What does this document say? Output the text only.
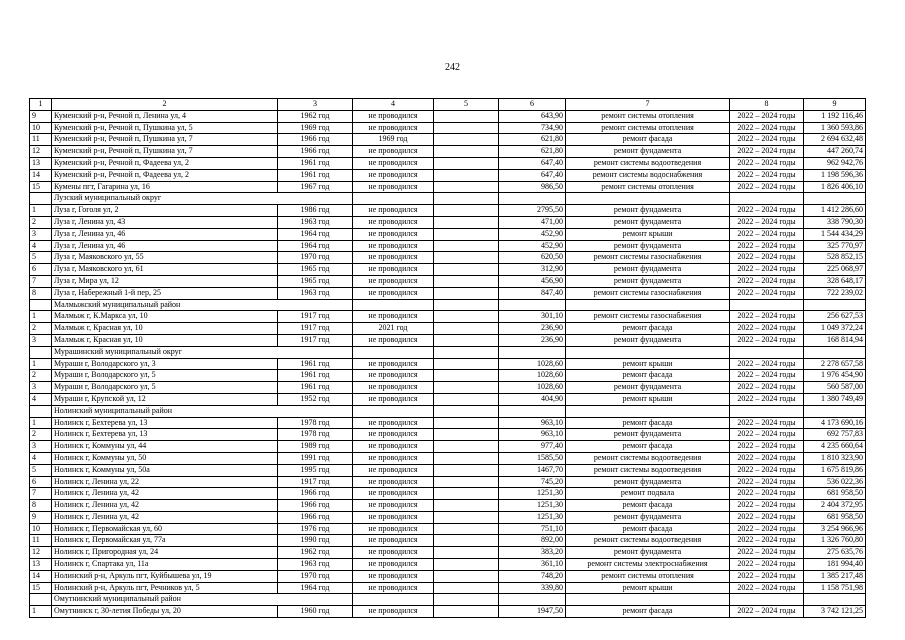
242
1	2	3	4	5	6	7	8	9
9	Куменский р-н, Речной п, Ленина ул, 4	1962 год	не проводился		643,90	ремонт системы отопления	2022 – 2024 годы	1 192 116,46
10	Куменский р-н, Речной п, Пушкина ул, 5	1969 год	не проводился		734,90	ремонт системы отопления	2022 – 2024 годы	1 360 593,86
11	Куменский р-н, Речной п, Пушкина ул, 7	1966 год	1969 год		621,80	ремонт фасада	2022 – 2024 годы	2 694 632,48
12	Куменский р-н, Речной п, Пушкина ул, 7	1966 год	не проводился		621,80	ремонт фундамента	2022 – 2024 годы	447 260,74
13	Куменский р-н, Речной п, Фадеева ул, 2	1961 год	не проводился		647,40	ремонт системы водоотведения	2022 – 2024 годы	962 942,76
14	Куменский р-н, Речной п, Фадеева ул, 2	1961 год	не проводился		647,40	ремонт системы водоснабжения	2022 – 2024 годы	1 198 596,36
15	Кумены пгт, Гагарина ул, 16	1967 год	не проводился		986,50	ремонт системы отопления	2022 – 2024 годы	1 826 406,10
	Лузский муниципальный округ							
1	Луза г, Гоголя ул, 2	1986 год	не проводился		2795,50	ремонт фундамента	2022 – 2024 годы	1 412 286,60
2	Луза г, Ленина ул, 43	1963 год	не проводился		471,00	ремонт фундамента	2022 – 2024 годы	338 790,30
3	Луза г, Ленина ул, 46	1964 год	не проводился		452,90	ремонт крыши	2022 – 2024 годы	1 544 434,29
4	Луза г, Ленина ул, 46	1964 год	не проводился		452,90	ремонт фундамента	2022 – 2024 годы	325 770,97
5	Луза г, Маяковского ул, 55	1970 год	не проводился		620,50	ремонт системы газоснабжения	2022 – 2024 годы	528 852,15
6	Луза г, Маяковского ул, 61	1965 год	не проводился		312,90	ремонт фундамента	2022 – 2024 годы	225 068,97
7	Луза г, Мира ул, 12	1965 год	не проводился		456,90	ремонт фундамента	2022 – 2024 годы	328 648,17
8	Луза г, Набережный 1-й пер, 25	1963 год	не проводился		847,40	ремонт системы газоснабжения	2022 – 2024 годы	722 239,02
	Малмыжский муниципальный район							
1	Малмыж г, К.Маркса ул, 10	1917 год	не проводился		301,10	ремонт системы газоснабжения	2022 – 2024 годы	256 627,53
2	Малмыж г, Красная ул, 10	1917 год	2021 год		236,90	ремонт фасада	2022 – 2024 годы	1 049 372,24
3	Малмыж г, Красная ул, 10	1917 год	не проводился		236,90	ремонт фундамента	2022 – 2024 годы	168 814,94
	Мурашинский муниципальный округ							
1	Мураши г, Володарского ул, 3	1961 год	не проводился		1028,60	ремонт крыши	2022 – 2024 годы	2 278 657,58
2	Мураши г, Володарского ул, 5	1961 год	не проводился		1028,60	ремонт фасада	2022 – 2024 годы	1 976 454,90
3	Мураши г, Володарского ул, 5	1961 год	не проводился		1028,60	ремонт фундамента	2022 – 2024 годы	560 587,00
4	Мураши г, Крупской ул, 12	1952 год	не проводился		404,90	ремонт крыши	2022 – 2024 годы	1 380 749,49
	Нолинский муниципальный район							
1	Нолинск г, Бехтерева ул, 13	1978 год	не проводился		963,10	ремонт фасада	2022 – 2024 годы	4 173 690,16
2	Нолинск г, Бехтерева ул, 13	1978 год	не проводился		963,10	ремонт фундамента	2022 – 2024 годы	692 757,83
3	Нолинск г, Коммуны ул, 44	1989 год	не проводился		977,40	ремонт фасада	2022 – 2024 годы	4 235 660,64
4	Нолинск г, Коммуны ул, 50	1991 год	не проводился		1585,50	ремонт системы водоотведения	2022 – 2024 годы	1 810 323,90
5	Нолинск г, Коммуны ул, 50а	1995 год	не проводился		1467,70	ремонт системы водоотведения	2022 – 2024 годы	1 675 819,86
6	Нолинск г, Ленина ул, 22	1917 год	не проводился		745,20	ремонт фундамента	2022 – 2024 годы	536 022,36
7	Нолинск г, Ленина ул, 42	1966 год	не проводился		1251,30	ремонт подвала	2022 – 2024 годы	681 958,50
8	Нолинск г, Ленина ул, 42	1966 год	не проводился		1251,30	ремонт фасада	2022 – 2024 годы	2 404 372,95
9	Нолинск г, Ленина ул, 42	1966 год	не проводился		1251,30	ремонт фундамента	2022 – 2024 годы	681 958,50
10	Нолинск г, Первомайская ул, 60	1976 год	не проводился		751,10	ремонт фасада	2022 – 2024 годы	3 254 966,96
11	Нолинск г, Первомайская ул, 77а	1990 год	не проводился		892,00	ремонт системы водоотведения	2022 – 2024 годы	1 326 760,80
12	Нолинск г, Пригородная ул, 24	1962 год	не проводился		383,20	ремонт фундамента	2022 – 2024 годы	275 635,76
13	Нолинск г, Спартака ул, 11а	1963 год	не проводился		361,10	ремонт системы электроснабжения	2022 – 2024 годы	181 994,40
14	Нолинский р-н, Аркуль пгт, Куйбышева ул, 19	1970 год	не проводился		748,20	ремонт системы отопления	2022 – 2024 годы	1 385 217,48
15	Нолинский р-н, Аркуль пгт, Речников ул, 5	1964 год	не проводился		339,80	ремонт крыши	2022 – 2024 годы	1 158 751,98
	Омутнинский муниципальный район							
1	Омутнинск г, 30-летия Победы ул, 20	1960 год	не проводился		1947,50	ремонт фасада	2022 – 2024 годы	3 742 121,25
